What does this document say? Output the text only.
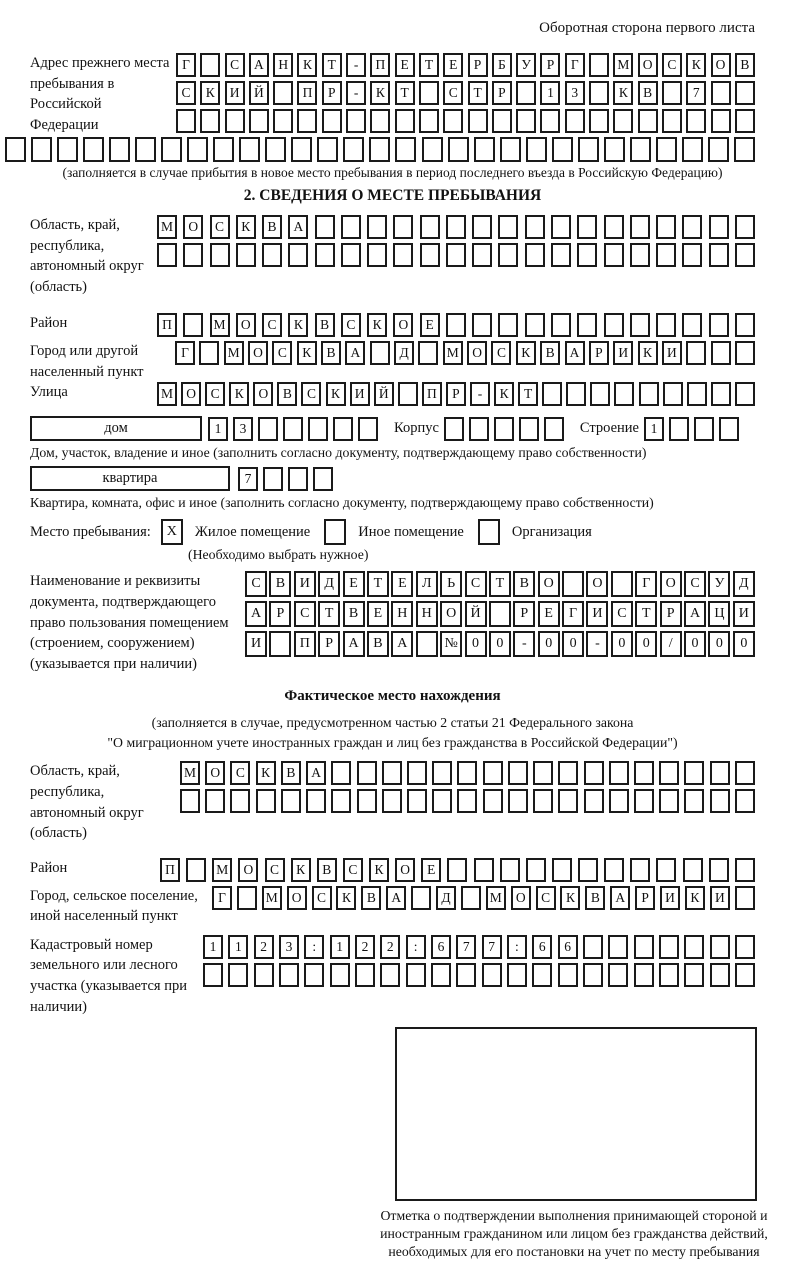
Оборотная сторона первого листа
Адрес прежнего места пребывания в Российской Федерации
Г	С	А	Н	К	Т	-	П	Е	Т	Е	Р	Б	У	Р	Г	М О	С	К	О	В
С	К	И	Й	П	Р	-	К	Т	С	Т	Р	1	3	К	В	7
(заполняется в случае прибытия в новое место пребывания в период последнего въезда в Российскую Федерацию)
2. СВЕДЕНИЯ О МЕСТЕ ПРЕБЫВАНИЯ
Область, край, республика, автономный округ (область)
М	О	С	К	В	А
Район	П	М	О	С	К	В	С	К	О	Е
Город или другой населенный пункт
Г	М О	С	К	В	А	Д	М О	С	К	В	А	Р	И	К	И
Улица	М О	С	К	О	В	С	К	И	Й	П	Р	-	К	Т
дом	1	3	Корпус	Строение 1
Дом, участок, владение и иное (заполнить согласно документу, подтверждающему право собственности)
квартира	7
Квартира, комната, офис и иное (заполнить согласно документу, подтверждающему право собственности)
Место пребывания:	X	Жилое помещение	Иное помещение	Организация
(Необходимо выбрать нужное)
Наименование и реквизиты документа, подтверждающего право пользования помещением (строением, сооружением) (указывается при наличии)
С	В	И	Д	Е	Т	Е	Л	Ь	С	Т	В	О	О	Г	О	С	У	Д
А	Р	С	Т	В	Е	Н	Н	О	Й	Р	Е	Г	И	С	Т	Р	А	Ц	И
И	П	Р	А	В	А	№	0	0	-	0	0	-	0	0	/	0	0	0
Фактическое место нахождения
(заполняется в случае, предусмотренном частью 2 статьи 21 Федерального закона
"О миграционном учете иностранных граждан и лиц без гражданства в Российской Федерации")
Область, край, республика, автономный округ (область)
М	О	С	К	В	А
Район	П	М	О	С	К	В	С	К	О	Е
Город, сельское поселение, иной населенный пункт
Г	М	О	С	К	В	А	Д	М	О	С	К	В	А	Р	И	К	И
Кадастровый номер земельного или лесного участка (указывается при наличии)
1	1	2	3	:	1	2	2	:	6	7	7	:	6	6
Отметка о подтверждении выполнения принимающей стороной и иностранным гражданином или лицом без гражданства действий, необходимых для его постановки на учет по месту пребывания
